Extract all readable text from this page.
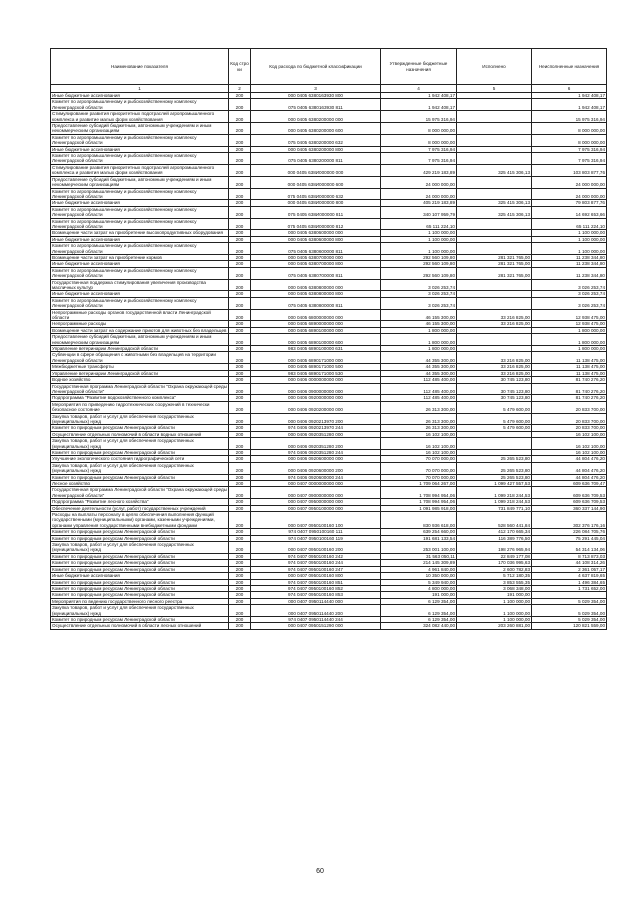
Наименование показателя	Код стро ки	Код расхода по бюджетной классификации	Утвержденные бюджетные назначения	Исполнено	Неисполненные назначения
1	2	3	4	5	6
Иные бюджетные ассигнования	200	000 0405 6380163930 800	1 942 408,17		1 942 408,17
Комитет по агропромышленному и рыбохозяйственному комплексу Ленинградской области	200	075 0405 6380163930 811	1 942 408,17		1 942 408,17
Стимулирование развития приоритетных подотраслей агропромышленного комплекса и развитие малых форм хозяйствования	200	000 0405 6380200000 000	15 975 316,94		15 975 316,94
Предоставление субсидий бюджетным, автономным учреждениям и иным некоммерческим организациям	200	000 0405 6380200000 600	8 000 000,00		8 000 000,00
Комитет по агропромышленному и рыбохозяйственному комплексу Ленинградской области	200	075 0405 6380200000 632	8 000 000,00		8 000 000,00
Иные бюджетные ассигнования	200	000 0405 6380200000 800	7 975 316,94		7 975 316,94
Комитет по агропромышленному и рыбохозяйственному комплексу Ленинградской области	200	075 0405 6380200000 811	7 975 316,94		7 975 316,94
Стимулирование развития приоритетных подотраслей агропромышленного комплекса и развития малых форм хозяйствования	200	000 0405 638И000000 000	429 219 183,89	325 415 306,13	103 803 877,76
Предоставление субсидий бюджетным, автономным учреждениям и иным некоммерческим организациям	200	000 0405 638И000000 600	24 000 000,00		24 000 000,00
Комитет по агропромышленному и рыбохозяйственному комплексу Ленинградской области	200	075 0405 638И000000 632	24 000 000,00		24 000 000,00
Иные бюджетные ассигнования	200	000 0405 638И000000 800	405 219 183,89	325 415 306,13	79 803 877,76
Комитет по агропромышленному и рыбохозяйственному комплексу Ленинградской области	200	075 0405 638И000000 811	340 107 959,79	325 415 306,13	14 692 653,66
Комитет по агропромышленному и рыбохозяйственному комплексу Ленинградской области	200	075 0405 638И000000 812	65 111 224,10		65 111 224,10
Возмещение части затрат на приобретение высокопродуктивных оборудования	200	000 0405 6380600000 000	1 100 000,00		1 100 000,00
Иные бюджетные ассигнования	200	000 0405 6380600000 800	1 100 000,00		1 100 000,00
Комитет по агропромышленному и рыбохозяйственному комплексу Ленинградской области	200	075 0405 6380600000 811	1 100 000,00		1 100 000,00
Возмещение части затрат на приобретение кормов	200	000 0405 6380700000 000	292 560 109,80	281 321 765,00	11 238 344,80
Иные бюджетные ассигнования	200	000 0405 6380700000 800	292 560 109,80	281 321 765,00	11 238 344,80
Комитет по агропромышленному и рыбохозяйственному комплексу Ленинградской области	200	075 0405 6380700000 811	292 560 109,80	281 321 765,00	11 238 344,80
Государственная поддержка стимулирования увеличения производства масличных культур	200	000 0405 6380800000 000	3 026 253,74		3 026 253,74
Иные бюджетные ассигнования	200	000 0405 6380800000 800	3 026 253,74		3 026 253,74
Комитет по агропромышленному и рыбохозяйственному комплексу Ленинградской области	200	075 0405 6380800000 811	3 026 253,74		3 026 253,74
Непрограммные расходы органов государственной власти Ленинградской области	200	000 0405 6800000000 000	46 155 300,00	33 216 825,00	12 938 475,00
Непрограммные расходы	200	000 0405 6890000000 000	46 155 300,00	33 216 825,00	12 938 475,00
Возмещение части затрат на содержание приютов для животных без владельцев	200	000 0405 6890100000 000	1 800 000,00		1 800 000,00
Предоставление субсидий бюджетным, автономным учреждениям и иным некоммерческим организациям	200	000 0405 6890100000 600	1 800 000,00		1 800 000,00
Управление ветеринарии Ленинградской области	200	983 0405 6890100000 631	1 800 000,00		1 800 000,00
Субвенции в сфере обращения с животными без владельцев на территории Ленинградской области	200	000 0405 6890171000 000	44 355 300,00	33 216 825,00	11 138 475,00
Межбюджетные трансферты	200	000 0405 6890171000 500	44 355 300,00	33 216 825,00	11 138 475,00
Управление ветеринарии Ленинградской области	200	983 0405 6890171000 530	44 355 300,00	33 216 825,00	11 138 475,00
Водное хозяйство	200	000 0406 0000000000 000	112 485 400,00	30 745 123,80	81 740 276,20
Государственная программа Ленинградской области "Охрана окружающей среды Ленинградской области"	200	000 0406 0900000000 000	112 485 400,00	30 745 123,80	81 740 276,20
Подпрограмма "Развитие водохозяйственного комплекса"	200	000 0406 0920000000 000	112 485 400,00	30 745 123,80	81 740 276,20
Мероприятия по приведению гидротехнических сооружений в технически безопасное состояние	200	000 0406 0920200000 000	26 313 300,00	5 479 600,00	20 833 700,00
Закупка товаров, работ и услуг для обеспечения государственных (муниципальных) нужд	200	000 0406 0920213970 200	26 313 300,00	5 479 600,00	20 833 700,00
Комитет по природным ресурсам Ленинградской области	200	974 0406 0920213970 244	26 313 300,00	5 479 600,00	20 833 700,00
Осуществление отдельных полномочий в области водных отношений	200	000 0406 0920351280 000	16 102 100,00		16 102 100,00
Закупка товаров, работ и услуг для обеспечения государственных (муниципальных) нужд	200	000 0406 0920351280 200	16 102 100,00		16 102 100,00
Комитет по природным ресурсам Ленинградской области	200	974 0406 0920351280 244	16 102 100,00		16 102 100,00
Улучшение экологического состояния гидрографической сети	200	000 0406 0920600000 000	70 070 000,00	25 265 523,80	44 804 476,20
Закупка товаров, работ и услуг для обеспечения государственных (муниципальных) нужд	200	000 0406 0920600000 200	70 070 000,00	25 265 523,80	44 804 476,20
Комитет по природным ресурсам Ленинградской области	200	974 0406 0920600000 244	70 070 000,00	25 265 523,80	44 804 476,20
Лесное хозяйство	200	000 0407 0000000000 000	1 709 064 267,00	1 099 427 557,53	609 636 709,47
Государственная программа Ленинградской области "Охрана окружающей среды Ленинградской области"	200	000 0407 0900000000 000	1 708 994 954,06	1 099 218 244,53	609 636 709,53
Подпрограмма "Развитие лесного хозяйства"	200	000 0407 0950000000 000	1 708 994 954,06	1 099 218 244,53	609 636 709,53
Обеспечение деятельности (услуг, работ) государственных учреждений	200	000 0407 0950100000 000	1 091 985 918,00	731 849 771,10	360 337 144,90
Расходы на выплаты персоналу в целях обеспечения выполнения функций государственными (муниципальными) органами, казенными учреждениями, органами управления государственными внебюджетными фондами	200	000 0407 0950100160 100	830 936 618,00	528 560 441,84	302 376 176,16
Комитет по природным ресурсам Ленинградской области	200	974 0407 0950100160 111	639 254 660,00	412 170 665,34	226 084 705,76
Комитет по природным ресурсам Ленинградской области	200	974 0407 0950100160 119	191 681 133,54	116 389 776,50	75 291 445,04
Закупка товаров, работ и услуг для обеспечения государственных (муниципальных) нужд	200	000 0407 0950100160 200	253 001 100,00	198 276 965,94	54 314 134,06
Комитет по природным ресурсам Ленинградской области	200	974 0407 0950100160 242	31 563 050,11	22 849 177,08	8 713 873,03
Комитет по природным ресурсам Ленинградской области	200	974 0407 0950100160 244	214 145 309,89	170 036 995,63	44 108 314,26
Комитет по природным ресурсам Ленинградской области	200	974 0407 0950100160 247	4 961 840,00	2 600 782,83	2 361 057,17
Иные бюджетные ассигнования	200	000 0407 0950100160 800	10 350 000,00	5 712 180,35	4 637 819,65
Комитет по природным ресурсам Ленинградской области	200	974 0407 0950100160 851	5 349 940,00	3 853 555,35	1 496 384,65
Комитет по природным ресурсам Ленинградской области	200	974 0407 0950100160 852	4 800 000,00	3 068 348,00	1 731 652,00
Комитет по природным ресурсам Ленинградской области	200	974 0407 0950100160 853	191 000,00	191 000,00	
Мероприятия по ведению государственного лесного реестра	200	000 0407 0950114440 000	6 129 354,00	1 100 000,00	5 029 354,00
Закупка товаров, работ и услуг для обеспечения государственных (муниципальных) нужд	200	000 0407 0950114440 200	6 129 354,00	1 100 000,00	5 029 354,00
Комитет по природным ресурсам Ленинградской области	200	974 0407 0950114440 244	6 129 354,00	1 100 000,00	5 029 354,00
Осуществление отдельных полномочий в области лесных отношений	200	000 0407 0950151290 000	324 082 440,00	203 260 881,00	120 821 559,00
60
